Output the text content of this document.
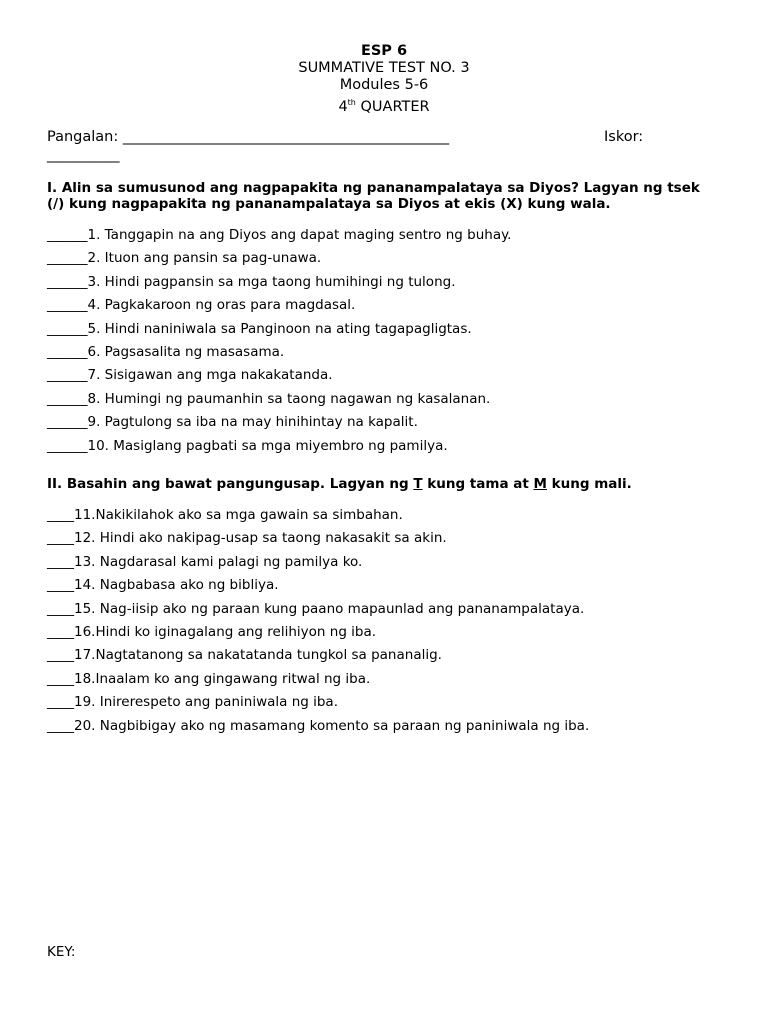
ESP 6
SUMMATIVE TEST NO. 3
Modules 5-6
4th QUARTER
Pangalan: _____________________________________________	Iskor:
__________
I. Alin sa sumusunod ang nagpapakita ng pananampalataya sa Diyos? Lagyan ng tsek (/) kung nagpapakita ng pananampalataya sa Diyos at ekis (X) kung wala.
______1. Tanggapin na ang Diyos ang dapat maging sentro ng buhay.
______2. Ituon ang pansin sa pag-unawa.
______3. Hindi pagpansin sa mga taong humihingi ng tulong.
______4. Pagkakaroon ng oras para magdasal.
______5. Hindi naniniwala sa Panginoon na ating tagapagligtas.
______6. Pagsasalita ng masasama.
______7. Sisigawan ang mga nakakatanda.
______8. Humingi ng paumanhin sa taong nagawan ng kasalanan.
______9. Pagtulong sa iba na may hinihintay na kapalit.
______10. Masiglang pagbati sa mga miyembro ng pamilya.
II. Basahin ang bawat pangungusap. Lagyan ng T kung tama at M kung mali.
____11.Nakikilahok ako sa mga gawain sa simbahan.
____12. Hindi ako nakipag-usap sa taong nakasakit sa akin.
____13. Nagdarasal kami palagi ng pamilya ko.
____14. Nagbabasa ako ng bibliya.
____15. Nag-iisip ako ng paraan kung paano mapaunlad ang pananampalataya.
____16.Hindi ko iginagalang ang relihiyon ng iba.
____17.Nagtatanong sa nakatatanda tungkol sa pananalig.
____18.Inaalam ko ang gingawang ritwal ng iba.
____19. Inirerespeto ang paniniwala ng iba.
____20. Nagbibigay ako ng masamang komento sa paraan ng paniniwala ng iba.
KEY:
